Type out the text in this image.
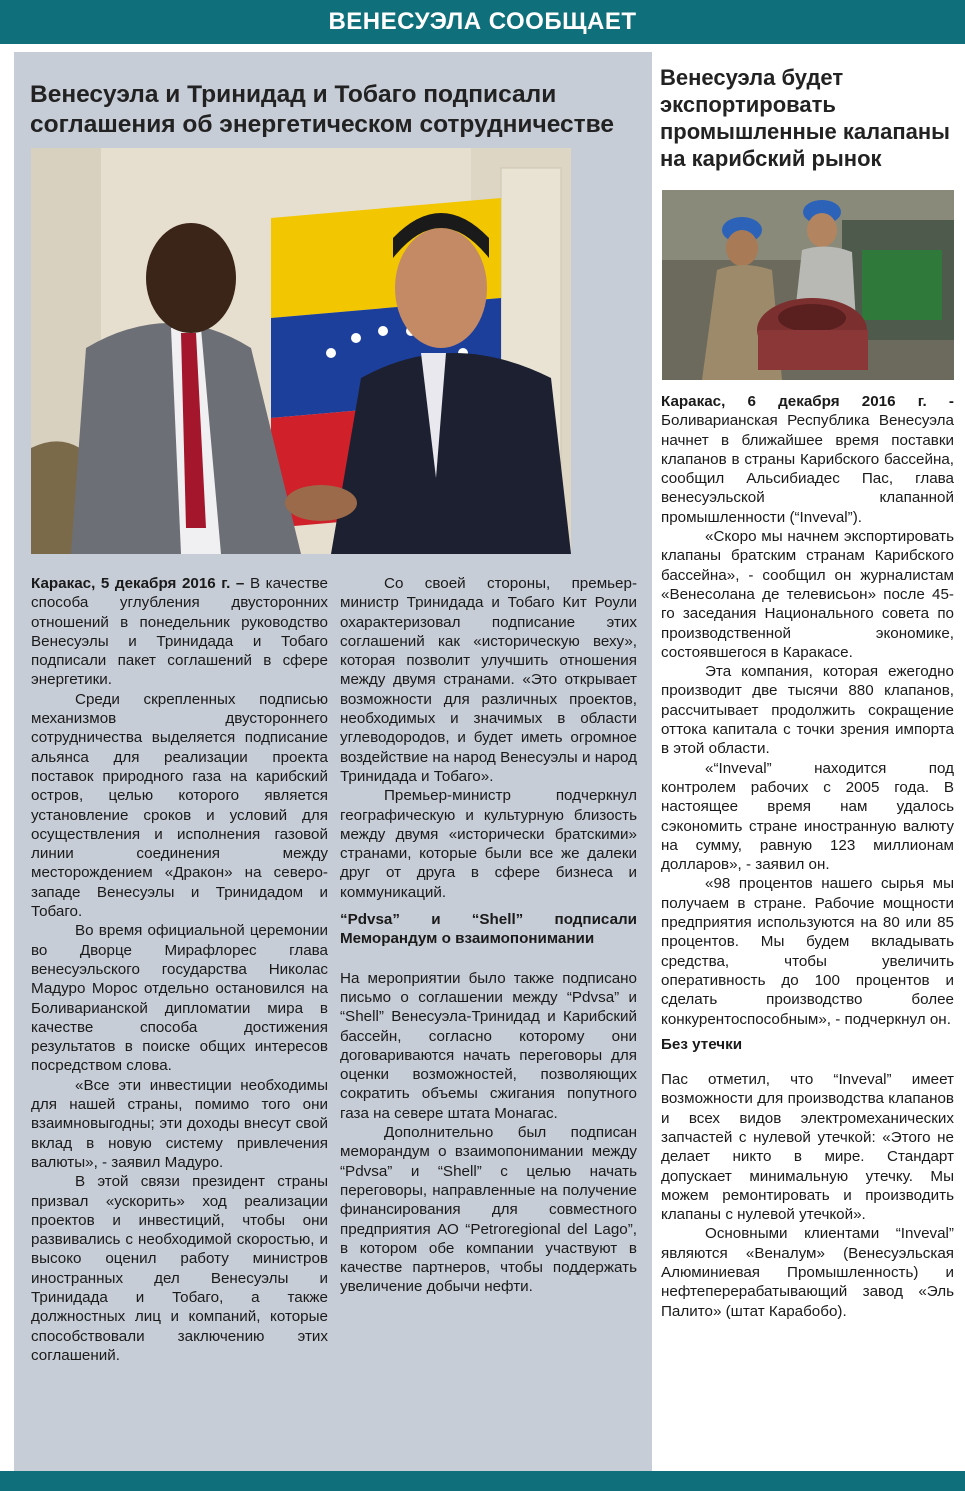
ВЕНЕСУЭЛА СООБЩАЕТ
Венесуэла и Тринидад и Тобаго подписали соглашения об энергетическом сотрудничестве
Венесуэла будет экспортировать промышленные калапаны на карибский рынок

Каракас, 5 декабря 2016 г. – В качестве способа углубления двусторонних отношений в понедельник руководство Венесуэлы и Тринидада и Тобаго подписали пакет соглашений в сфере энергетики.

Среди скрепленных подписью механизмов двустороннего сотрудничества выделяется подписание альянса для реализации проекта поставок природного газа на карибский остров, целью которого является установление сроков и условий для осуществления и исполнения газовой линии соединения между месторождением «Дракон» на северо-западе Венесуэлы и Тринидадом и Тобаго.

Во время официальной церемонии во Дворце Мирафлорес глава венесуэльского государства Николас Мадуро Морос отдельно остановился на Боливарианской дипломатии мира в качестве способа достижения результатов в поиске общих интересов посредством слова.

«Все эти инвестиции необходимы для нашей страны, помимо того они взаимновыгодны; эти доходы внесут свой вклад в новую систему привлечения валюты», - заявил Мадуро.

В этой связи президент страны призвал «ускорить» ход реализации проектов и инвестиций, чтобы они развивались с необходимой скоростью, и высоко оценил работу министров иностранных дел Венесуэлы и Тринидада и Тобаго, а также должностных лиц и компаний, которые способствовали заключению этих соглашений.

Со своей стороны, премьер-министр Тринидада и Тобаго Кит Роули охарактеризовал подписание этих соглашений как «историческую веху», которая позволит улучшить отношения между двумя странами. «Это открывает возможности для различных проектов, необходимых и значимых в области углеводородов, и будет иметь огромное воздействие на народ Венесуэлы и народ Тринидада и Тобаго».

Премьер-министр подчеркнул географическую и культурную близость между двумя «исторически братскими» странами, которые были все же далеки друг от друга в сфере бизнеса и коммуникаций.

“Pdvsa” и “Shell” подписали Меморандум о взаимопонимании

На мероприятии было также подписано письмо о соглашении между “Pdvsa” и “Shell” Венесуэла-Тринидад и Карибский бассейн, согласно которому они договариваются начать переговоры для оценки возможностей, позволяющих сократить объемы сжигания попутного газа на севере штата Монагас.

Дополнительно был подписан меморандум о взаимопонимании между “Pdvsa” и “Shell” с целью начать переговоры, направленные на получение финансирования для совместного предприятия АО “Petroregional del Lago”, в котором обе компании участвуют в качестве партнеров, чтобы поддержать увеличение добычи нефти.

Каракас, 6 декабря 2016 г. - Боливарианская Республика Венесуэла начнет в ближайшее время поставки клапанов в страны Карибского бассейна, сообщил Альсибиадес Пас, глава венесуэльской клапанной промышленности (“Inveval”).

«Скоро мы начнем экспортировать клапаны братским странам Карибского бассейна», - сообщил он журналистам «Венесолана де телевисьон» после 45-го заседания Национального совета по производственной экономике, состоявшегося в Каракасе.

Эта компания, которая ежегодно производит две тысячи 880 клапанов, рассчитывает продолжить сокращение оттока капитала с точки зрения импорта в этой области.

«“Inveval” находится под контролем рабочих с 2005 года. В настоящее время нам удалось сэкономить стране иностранную валюту на сумму, равную 123 миллионам долларов», - заявил он.

«98 процентов нашего сырья мы получаем в стране. Рабочие мощности предприятия используются на 80 или 85 процентов. Мы будем вкладывать средства, чтобы увеличить оперативность до 100 процентов и сделать производство более конкурентоспособным», - подчеркнул он.

Без утечки

Пас отметил, что “Inveval” имеет возможности для производства клапанов и всех видов электромеханических запчастей с нулевой утечкой: «Этого не делает никто в мире. Стандарт допускает минимальную утечку. Мы можем ремонтировать и производить клапаны с нулевой утечкой».

Основными клиентами “Inveval” являются «Веналум» (Венесуэльская Алюминиевая Промышленность) и нефтеперерабатывающий завод «Эль Палито» (штат Карабобо).
